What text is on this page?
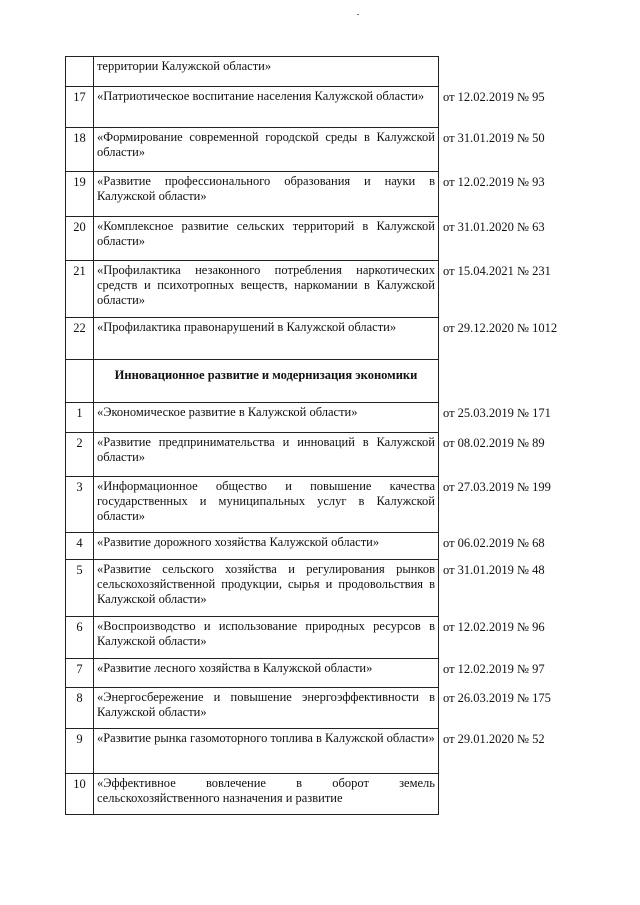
	территории Калужской области»	
17	«Патриотическое воспитание населения Калужской области»	от 12.02.2019 № 95
18	«Формирование современной городской среды в Калужской области»	от 31.01.2019 № 50
19	«Развитие профессионального образования и науки в Калужской области»	от 12.02.2019 № 93
20	«Комплексное развитие сельских территорий в Калужской области»	от 31.01.2020 № 63
21	«Профилактика незаконного потребления наркотических средств и психотропных веществ, наркомании в Калужской области»	от 15.04.2021 № 231
22	«Профилактика правонарушений в Калужской области»	от 29.12.2020 № 1012
	Инновационное развитие и модернизация экономики	
1	«Экономическое развитие в Калужской области»	от 25.03.2019 № 171
2	«Развитие предпринимательства и инноваций в Калужской области»	от 08.02.2019 № 89
3	«Информационное общество и повышение качества государственных и муниципальных услуг в Калужской области»	от 27.03.2019 № 199
4	«Развитие дорожного хозяйства Калужской области»	от 06.02.2019 № 68
5	«Развитие сельского хозяйства и регулирования рынков сельскохозяйственной продукции, сырья и продовольствия в Калужской области»	от 31.01.2019 № 48
6	«Воспроизводство и использование природных ресурсов в Калужской области»	от 12.02.2019 № 96
7	«Развитие лесного хозяйства в Калужской области»	от 12.02.2019 № 97
8	«Энергосбережение и повышение энергоэффективности в Калужской области»	от 26.03.2019 № 175
9	«Развитие рынка газомоторного топлива в Калужской области»	от 29.01.2020 № 52
10	«Эффективное вовлечение в оборот земель сельскохозяйственного назначения и развитие	
